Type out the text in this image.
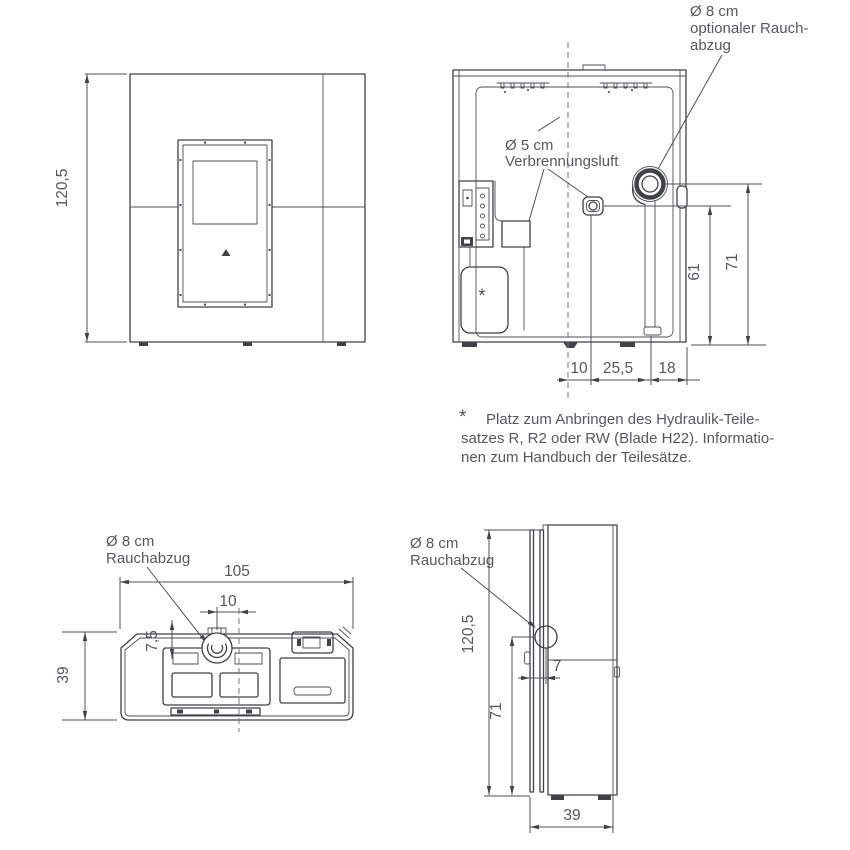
120,5
*
Ø 8 cm
optionaler Rauch-
abzug
Ø 5 cm
Verbrennungsluft
61
71
10 25,5 18
* Platz zum Anbringen des Hydraulik-Teile-
satzes R, R2 oder RW (Blade H22). Informatio-
nen zum Handbuch der Teilesätze.
Ø 8 cm
Rauchabzug
105
10
7,5
39
Ø 8 cm
Rauchabzug
120,5
71
7
39
